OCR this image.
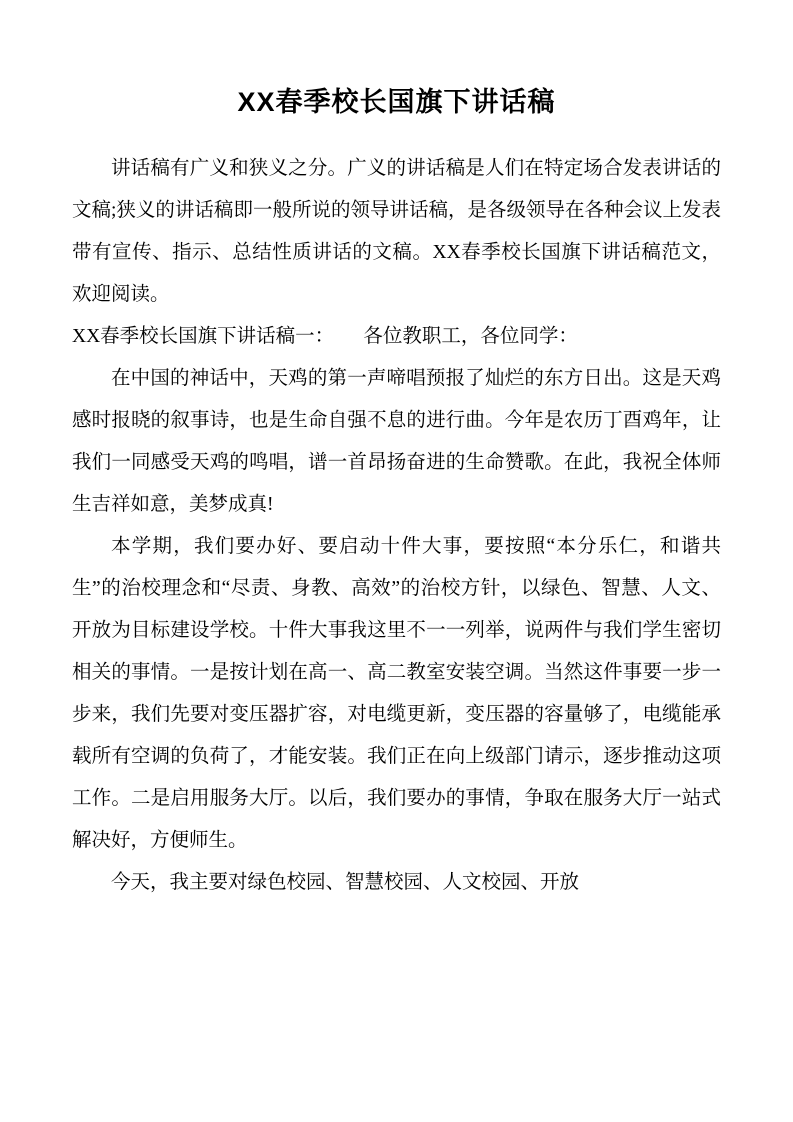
XX春季校长国旗下讲话稿

讲话稿有广义和狭义之分。广义的讲话稿是人们在特定场合发表讲话的文稿;狭义的讲话稿即一般所说的领导讲话稿，是各级领导在各种会议上发表带有宣传、指示、总结性质讲话的文稿。XX春季校长国旗下讲话稿范文，欢迎阅读。

XX春季校长国旗下讲话稿一：　　各位教职工，各位同学：

在中国的神话中，天鸡的第一声啼唱预报了灿烂的东方日出。这是天鸡感时报晓的叙事诗，也是生命自强不息的进行曲。今年是农历丁酉鸡年，让我们一同感受天鸡的鸣唱，谱一首昂扬奋进的生命赞歌。在此，我祝全体师生吉祥如意，美梦成真!

本学期，我们要办好、要启动十件大事，要按照“本分乐仁，和谐共生”的治校理念和“尽责、身教、高效”的治校方针，以绿色、智慧、人文、开放为目标建设学校。十件大事我这里不一一列举，说两件与我们学生密切相关的事情。一是按计划在高一、高二教室安装空调。当然这件事要一步一步来，我们先要对变压器扩容，对电缆更新，变压器的容量够了，电缆能承载所有空调的负荷了，才能安装。我们正在向上级部门请示，逐步推动这项工作。二是启用服务大厅。以后，我们要办的事情，争取在服务大厅一站式解决好，方便师生。

今天，我主要对绿色校园、智慧校园、人文校园、开放
